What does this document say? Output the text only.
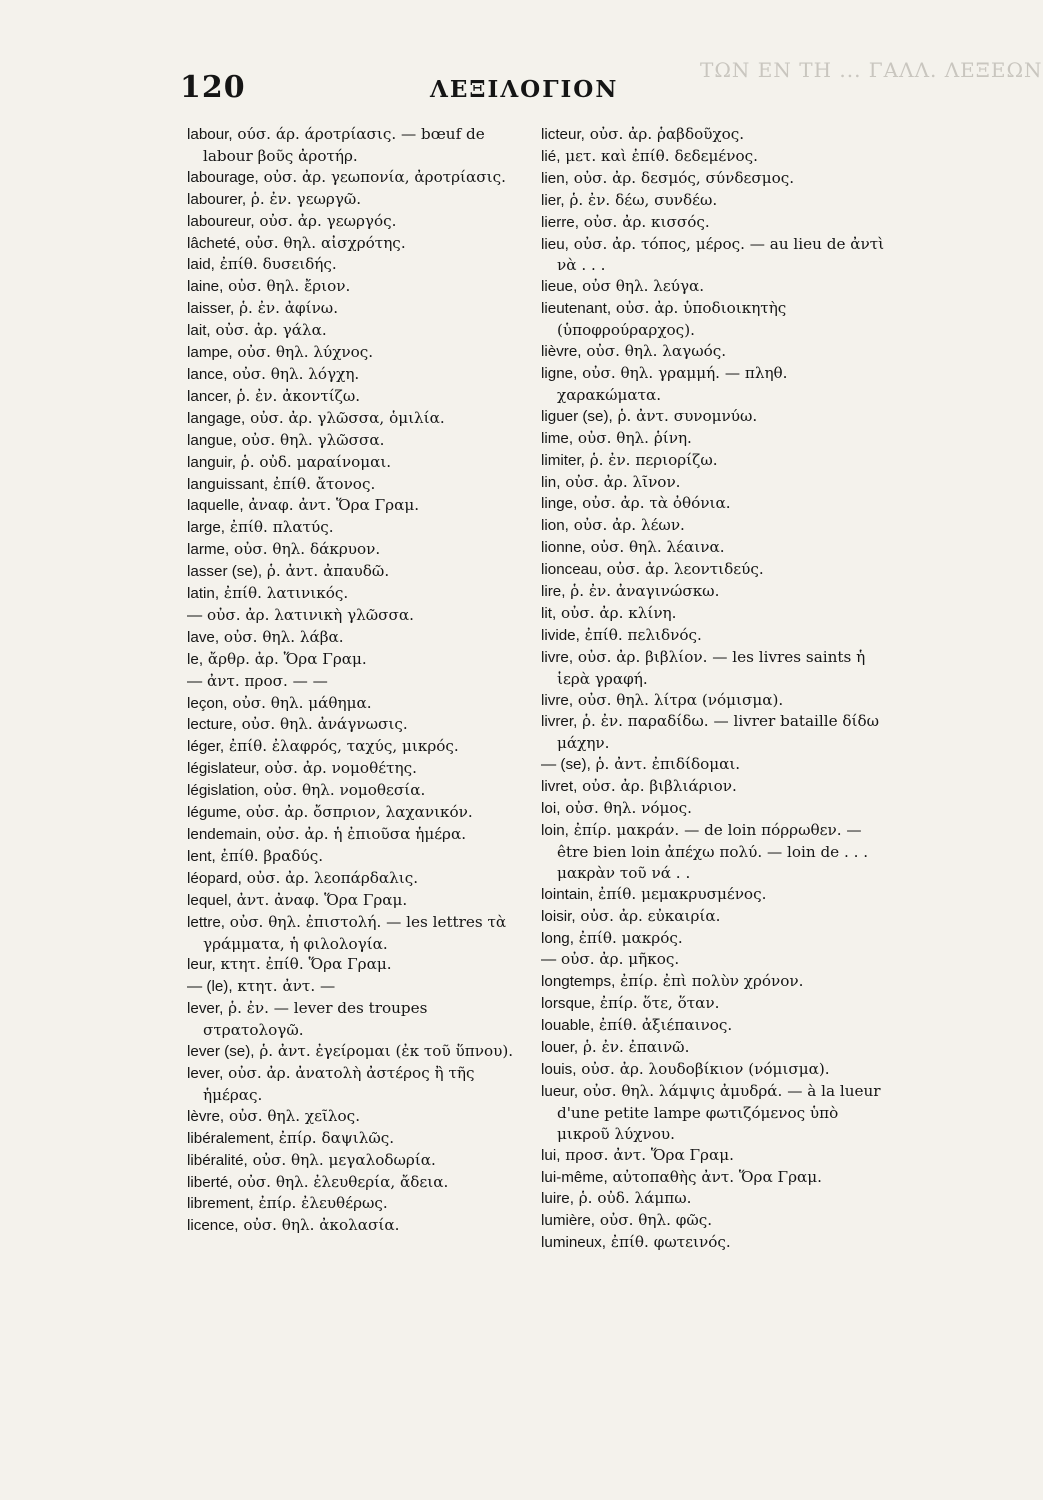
ΤΩΝ ΕΝ ΤΗ ... ΓΑΛΛ. ΛΕΞΕΩΝ
120	ΛΕΞΙΛΟΓΙΟΝ

labour, ούσ. άρ. άροτρίασις. — bœuf de labour βοῦς ἀροτήρ.

labourage, οὐσ. ἀρ. γεωπονία, ἀροτρίασις.

labourer, ῥ. ἐν. γεωργῶ.

laboureur, οὐσ. ἀρ. γεωργός.

lâcheté, οὐσ. θηλ. αἰσχρότης.

laid, ἐπίθ. δυσειδής.

laine, οὐσ. θηλ. ἔριον.

laisser, ῥ. ἐν. ἀφίνω.

lait, οὐσ. ἀρ. γάλα.

lampe, οὐσ. θηλ. λύχνος.

lance, οὐσ. θηλ. λόγχη.

lancer, ῥ. ἐν. ἀκοντίζω.

langage, οὐσ. ἀρ. γλῶσσα, ὁμιλία.

langue, οὐσ. θηλ. γλῶσσα.

languir, ῥ. οὐδ. μαραίνομαι.

languissant, ἐπίθ. ἄτονος.

laquelle, ἀναφ. ἀντ. Ὅρα Γραμ.

large, ἐπίθ. πλατύς.

larme, οὐσ. θηλ. δάκρυον.

lasser (se), ῥ. ἀντ. ἀπαυδῶ.

latin, ἐπίθ. λατινικός.

— οὐσ. ἀρ. λατινικὴ γλῶσσα.

lave, οὐσ. θηλ. λάβα.

le, ἄρθρ. ἀρ. Ὅρα Γραμ.

— ἀντ. προσ. — —

leçon, οὐσ. θηλ. μάθημα.

lecture, οὐσ. θηλ. ἀνάγνωσις.

léger, ἐπίθ. ἐλαφρός, ταχύς, μικρός.

législateur, οὐσ. ἀρ. νομοθέτης.

législation, οὐσ. θηλ. νομοθεσία.

légume, οὐσ. ἀρ. ὄσπριον, λαχανικόν.

lendemain, οὐσ. ἀρ. ἡ ἐπιοῦσα ἡμέρα.

lent, ἐπίθ. βραδύς.

léopard, οὐσ. ἀρ. λεοπάρδαλις.

lequel, ἀντ. ἀναφ. Ὅρα Γραμ.

lettre, οὐσ. θηλ. ἐπιστολή. — les lettres τὰ γράμματα, ἡ φιλολογία.

leur, κτητ. ἐπίθ. Ὅρα Γραμ.

— (le), κτητ. ἀντ. —

lever, ῥ. ἐν. — lever des troupes στρατολογῶ.

lever (se), ῥ. ἀντ. ἐγείρομαι (ἐκ τοῦ ὕπνου).

lever, οὐσ. ἀρ. ἀνατολὴ ἀστέρος ἢ τῆς ἡμέρας.

lèvre, οὐσ. θηλ. χεῖλος.

libéralement, ἐπίρ. δαψιλῶς.

libéralité, οὐσ. θηλ. μεγαλοδωρία.

liberté, οὐσ. θηλ. ἐλευθερία, ἄδεια.

librement, ἐπίρ. ἐλευθέρως.

licence, οὐσ. θηλ. ἀκολασία.

licteur, οὐσ. ἀρ. ῥαβδοῦχος.

lié, μετ. καὶ ἐπίθ. δεδεμένος.

lien, οὐσ. ἀρ. δεσμός, σύνδεσμος.

lier, ῥ. ἐν. δέω, συνδέω.

lierre, οὐσ. ἀρ. κισσός.

lieu, οὐσ. ἀρ. τόπος, μέρος. — au lieu de ἀντὶ νὰ . . .

lieue, οὐσ θηλ. λεύγα.

lieutenant, οὐσ. ἀρ. ὑποδιοικητὴς (ὑποφρούραρχος).

lièvre, οὐσ. θηλ. λαγωός.

ligne, οὐσ. θηλ. γραμμή. — πληθ. χαρακώματα.

liguer (se), ῥ. ἀντ. συνομνύω.

lime, οὐσ. θηλ. ῥίνη.

limiter, ῥ. ἐν. περιορίζω.

lin, οὐσ. ἀρ. λῖνον.

linge, οὐσ. ἀρ. τὰ ὀθόνια.

lion, οὐσ. ἀρ. λέων.

lionne, οὐσ. θηλ. λέαινα.

lionceau, οὐσ. ἀρ. λεοντιδεύς.

lire, ῥ. ἐν. ἀναγινώσκω.

lit, οὐσ. ἀρ. κλίνη.

livide, ἐπίθ. πελιδνός.

livre, οὐσ. ἀρ. βιβλίον. — les livres saints ἡ ἱερὰ γραφή.

livre, οὐσ. θηλ. λίτρα (νόμισμα).

livrer, ῥ. ἐν. παραδίδω. — livrer bataille δίδω μάχην.

— (se), ῥ. ἀντ. ἐπιδίδομαι.

livret, οὐσ. ἀρ. βιβλιάριον.

loi, οὐσ. θηλ. νόμος.

loin, ἐπίρ. μακράν. — de loin πόρρωθεν. — être bien loin ἀπέχω πολύ. — loin de . . . μακρὰν τοῦ νά . .

lointain, ἐπίθ. μεμακρυσμένος.

loisir, οὐσ. ἀρ. εὐκαιρία.

long, ἐπίθ. μακρός.

— οὐσ. ἀρ. μῆκος.

longtemps, ἐπίρ. ἐπὶ πολὺν χρόνον.

lorsque, ἐπίρ. ὅτε, ὅταν.

louable, ἐπίθ. ἀξιέπαινος.

louer, ῥ. ἐν. ἐπαινῶ.

louis, οὐσ. ἀρ. λουδοβίκιον (νόμισμα).

lueur, οὐσ. θηλ. λάμψις ἀμυδρά. — à la lueur d'une petite lampe φωτιζόμενος ὑπὸ μικροῦ λύχνου.

lui, προσ. ἀντ. Ὅρα Γραμ.

lui-même, αὐτοπαθὴς ἀντ. Ὅρα Γραμ.

luire, ῥ. οὐδ. λάμπω.

lumière, οὐσ. θηλ. φῶς.

lumineux, ἐπίθ. φωτεινός.
